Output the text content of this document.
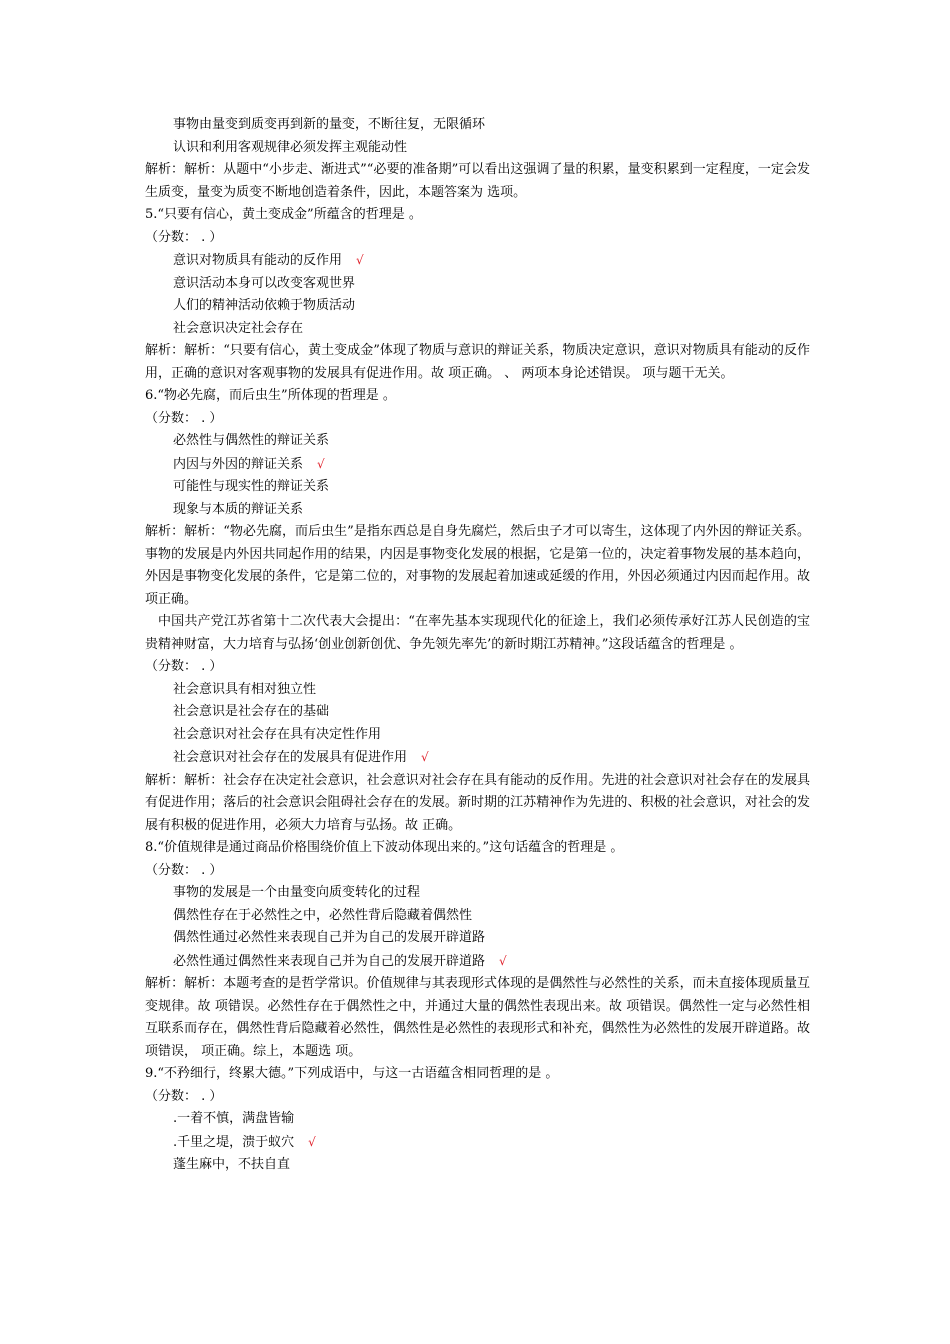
事物由量变到质变再到新的量变，不断往复，无限循环
认识和利用客观规律必须发挥主观能动性
解析：解析：从题中“小步走、渐进式”“必要的准备期”可以看出这强调了量的积累，量变积累到一定程度，一定会发生质变，量变为质变不断地创造着条件，因此，本题答案为 选项。
5.“只要有信心，黄土变成金”所蕴含的哲理是 。
（分数： . ）
意识对物质具有能动的反作用 √
意识活动本身可以改变客观世界
人们的精神活动依赖于物质活动
社会意识决定社会存在
解析：解析：“只要有信心，黄土变成金”体现了物质与意识的辩证关系，物质决定意识，意识对物质具有能动的反作用，正确的意识对客观事物的发展具有促进作用。故 项正确。 、 两项本身论述错误。 项与题干无关。
6.“物必先腐，而后虫生”所体现的哲理是 。
（分数： . ）
必然性与偶然性的辩证关系
内因与外因的辩证关系 √
可能性与现实性的辩证关系
现象与本质的辩证关系
解析：解析：“物必先腐，而后虫生”是指东西总是自身先腐烂，然后虫子才可以寄生，这体现了内外因的辩证关系。事物的发展是内外因共同起作用的结果，内因是事物变化发展的根据，它是第一位的，决定着事物发展的基本趋向，外因是事物变化发展的条件，它是第二位的，对事物的发展起着加速或延缓的作用，外因必须通过内因而起作用。故 项正确。
中国共产党江苏省第十二次代表大会提出：“在率先基本实现现代化的征途上，我们必须传承好江苏人民创造的宝贵精神财富，大力培育与弘扬‘创业创新创优、争先领先率先’的新时期江苏精神。”这段话蕴含的哲理是 。
（分数： . ）
社会意识具有相对独立性
社会意识是社会存在的基础
社会意识对社会存在具有决定性作用
社会意识对社会存在的发展具有促进作用 √
解析：解析：社会存在决定社会意识，社会意识对社会存在具有能动的反作用。先进的社会意识对社会存在的发展具有促进作用；落后的社会意识会阻碍社会存在的发展。新时期的江苏精神作为先进的、积极的社会意识，对社会的发展有积极的促进作用，必须大力培育与弘扬。故 正确。
8.“价值规律是通过商品价格围绕价值上下波动体现出来的。”这句话蕴含的哲理是 。
（分数： . ）
事物的发展是一个由量变向质变转化的过程
偶然性存在于必然性之中，必然性背后隐藏着偶然性
偶然性通过必然性来表现自己并为自己的发展开辟道路
必然性通过偶然性来表现自己并为自己的发展开辟道路 √
解析：解析：本题考查的是哲学常识。价值规律与其表现形式体现的是偶然性与必然性的关系，而未直接体现质量互变规律。故 项错误。必然性存在于偶然性之中，并通过大量的偶然性表现出来。故 项错误。偶然性一定与必然性相互联系而存在，偶然性背后隐藏着必然性，偶然性是必然性的表现形式和补充，偶然性为必然性的发展开辟道路。故 项错误， 项正确。综上，本题选 项。
9.“不矜细行，终累大德。”下列成语中，与这一古语蕴含相同哲理的是 。
（分数： . ）
.一着不慎，满盘皆输
.千里之堤，溃于蚁穴 √
蓬生麻中，不扶自直
